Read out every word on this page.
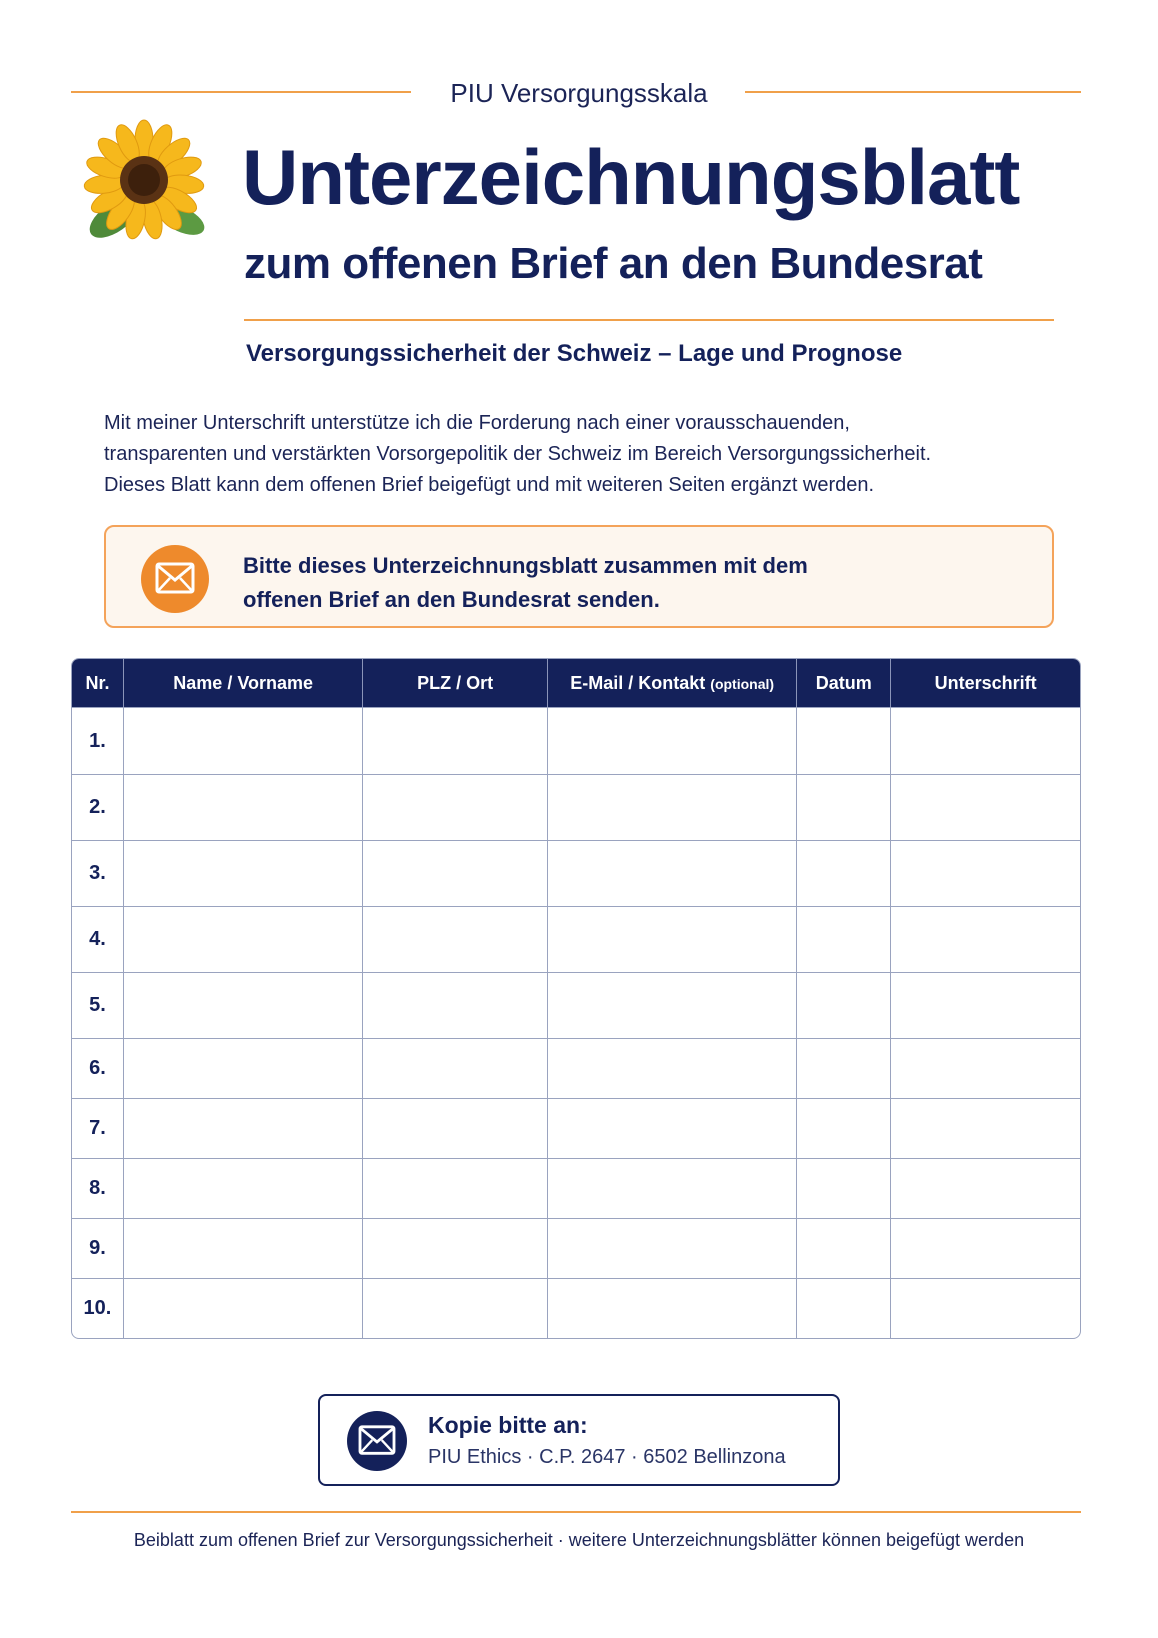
PIU Versorgungsskala
Unterzeichnungsblatt
zum offenen Brief an den Bundesrat
Versorgungssicherheit der Schweiz – Lage und Prognose

Mit meiner Unterschrift unterstütze ich die Forderung nach einer vorausschauenden,

transparenten und verstärkten Vorsorgepolitik der Schweiz im Bereich Versorgungssicherheit.

Dieses Blatt kann dem offenen Brief beigefügt und mit weiteren Seiten ergänzt werden.

Bitte dieses Unterzeichnungsblatt zusammen mit dem
offenen Brief an den Bundesrat senden.
Nr.	Name / Vorname	PLZ / Ort	E-Mail / Kontakt (optional)	Datum	Unterschrift
1.					
2.					
3.					
4.					
5.					
6.					
7.					
8.					
9.					
10.					
Kopie bitte an:
PIU Ethics · C.P. 2647 · 6502 Bellinzona
Beiblatt zum offenen Brief zur Versorgungssicherheit · weitere Unterzeichnungsblätter können beigefügt werden
